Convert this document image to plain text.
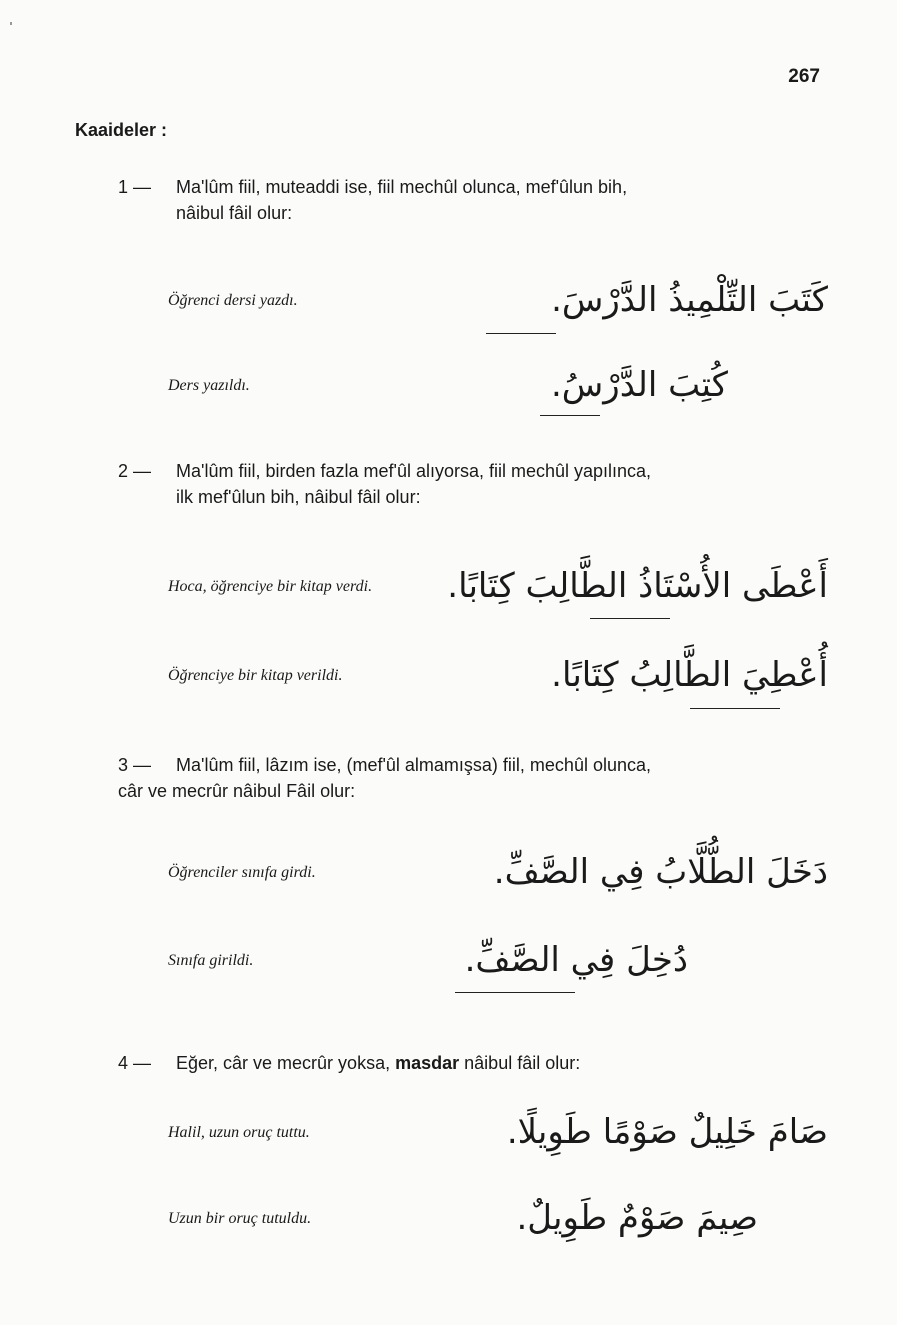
267
Kaaideler :
1 — Ma'lûm fiil, muteaddi ise, fiil mechûl olunca, mef'ûlun bih,
nâibul fâil olur:
Öğrenci dersi yazdı.	كَتَبَ التِّلْمِيذُ الدَّرْسَ.
Ders yazıldı.	كُتِبَ الدَّرْسُ.
2 — Ma'lûm fiil, birden fazla mef'ûl alıyorsa, fiil mechûl yapılınca,
ilk mef'ûlun bih, nâibul fâil olur:
Hoca, öğrenciye bir kitap verdi. أَعْطَى الأُسْتَاذُ الطَّالِبَ كِتَابًا.
Öğrenciye bir kitap verildi.	أُعْطِيَ الطَّالِبُ كِتَابًا.
3 — Ma'lûm fiil, lâzım ise, (mef'ûl almamışsa) fiil, mechûl olunca,
câr ve mecrûr nâibul Fâil olur:
Öğrenciler sınıfa girdi.	دَخَلَ الطُّلَّابُ فِي الصَّفِّ.
Sınıfa girildi.	دُخِلَ فِي الصَّفِّ.
4 — Eğer, câr ve mecrûr yoksa, masdar nâibul fâil olur:
Halil, uzun oruç tuttu.	صَامَ خَلِيلٌ صَوْمًا طَوِيلًا.
Uzun bir oruç tutuldu.	صِيمَ صَوْمٌ طَوِيلٌ.
